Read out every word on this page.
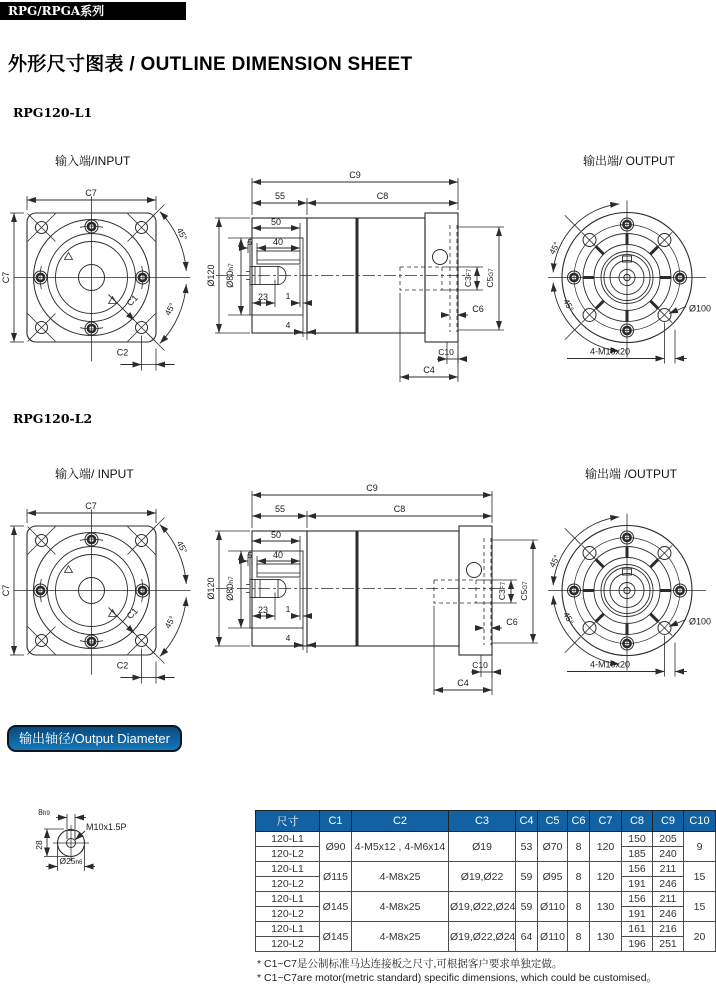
RPG/RPGA系列
外形尺寸图表 / OUTLINE DIMENSION SHEET
RPG120-L1
RPG120-L2
输入端/INPUT	输出端/ OUTPUT
输入端/ INPUT	输出端 /OUTPUT
C7
C7
45°
45°
C1
C2
50
5 40
23 1
4
Ø120 Ø80h7
C9
55	C8
C3F7
C5G7
C6
C10
C4
45°
45°	Ø100
4-M10x20
C7
C7
45°
45°
C1
C2
50
5 40
23 1
4
Ø120 Ø80h7
C9
55	C8
C3F7
C5G7
C6
C10
C4
45°
45°	Ø100
4-M10x20
8h9
M10x1.5P
28
Ø25h6
输出轴径/Output Diameter
尺寸	C1	C2	C3	C4	C5	C6	C7	C8	C9	C10
120-L1	Ø90	4-M5x12 , 4-M6x14	Ø19	53	Ø70	8	120	150	205	9
120-L2								185	240	
120-L1	Ø115	4-M8x25	Ø19,Ø22	59	Ø95	8	120	156	211	15
120-L2								191	246	
120-L1	Ø145	4-M8x25	Ø19,Ø22,Ø24	59	Ø110	8	130	156	211	15
120-L2								191	246	
120-L1	Ø145	4-M8x25	Ø19,Ø22,Ø24	64	Ø110	8	130	161	216	20
120-L2								196	251	
* C1~C7是公制标准马达连接板之尺寸,可根据客户要求单独定做。
* C1~C7are motor(metric standard) specific dimensions, which could be customised。
